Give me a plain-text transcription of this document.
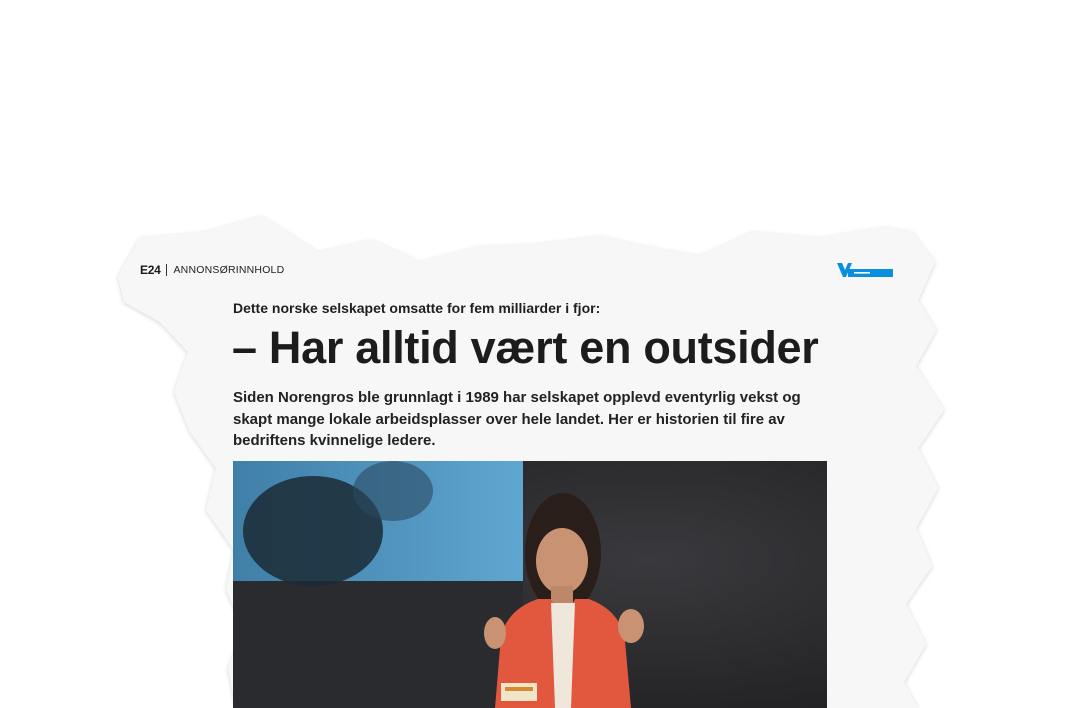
E24 ANNONSØRINNHOLD
Dette norske selskapet omsatte for fem milliarder i fjor:
– Har alltid vært en outsider
Siden Norengros ble grunnlagt i 1989 har selskapet opplevd eventyrlig vekst og skapt mange lokale arbeidsplasser over hele landet. Her er historien til fire av bedriftens kvinnelige ledere.
